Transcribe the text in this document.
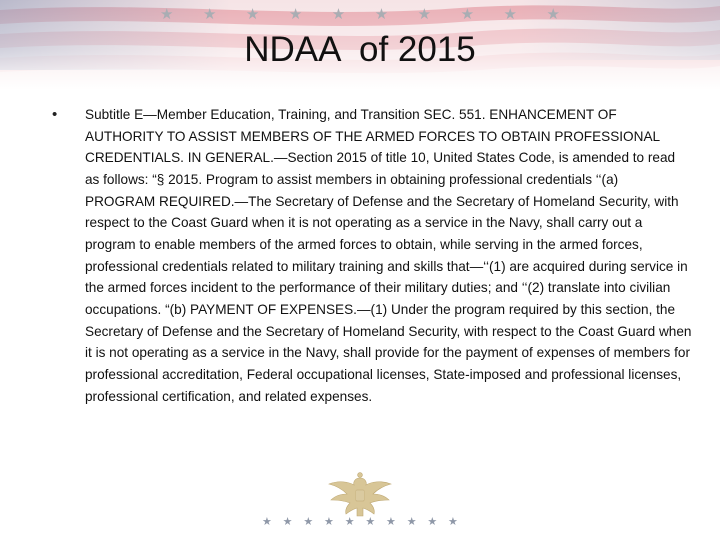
★ ★ ★ ★ ★ ★ ★ ★ ★ ★
NDAA  of 2015
• Subtitle E—Member Education, Training, and Transition SEC. 551. ENHANCEMENT OF AUTHORITY TO ASSIST MEMBERS OF THE ARMED FORCES TO OBTAIN PROFESSIONAL CREDENTIALS. IN GENERAL.—Section 2015 of title 10, United States Code, is amended to read as follows: “§ 2015. Program to assist members in obtaining professional credentials ‘‘(a) PROGRAM REQUIRED.—The Secretary of Defense and the Secretary of Homeland Security, with respect to the Coast Guard when it is not operating as a service in the Navy, shall carry out a program to enable members of the armed forces to obtain, while serving in the armed forces, professional credentials related to military training and skills that—‘‘(1) are acquired during service in the armed forces incident to the performance of their military duties; and ‘‘(2) translate into civilian occupations. “(b) PAYMENT OF EXPENSES.—(1) Under the program required by this section, the Secretary of Defense and the Secretary of Homeland Security, with respect to the Coast Guard when it is not operating as a service in the Navy, shall provide for the payment of expenses of members for professional accreditation, Federal occupational licenses, State-imposed and professional licenses, professional certification, and related expenses.

★ ★ ★ ★ ★ ★ ★ ★ ★ ★
